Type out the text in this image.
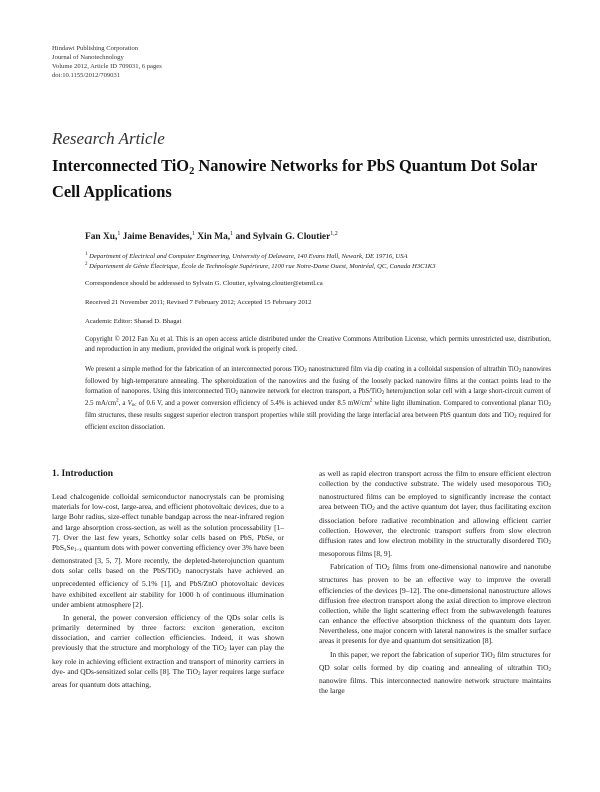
Hindawi Publishing Corporation
Journal of Nanotechnology
Volume 2012, Article ID 709031, 6 pages
doi:10.1155/2012/709031
Research Article
Interconnected TiO$_2$ Nanowire Networks for PbS Quantum Dot Solar Cell Applications
Fan Xu,$^1$ Jaime Benavides,$^1$ Xin Ma,$^1$ and Sylvain G. Cloutier$^{1,2}$
$^1$ Department of Electrical and Computer Engineering, University of Delaware, 140 Evans Hall, Newark, DE 19716, USA
$^2$ Département de Génie Électrique, École de Technologie Supérieure, 1100 rue Notre-Dame Ouest, Montréal, QC, Canada H3C1K3
Correspondence should be addressed to Sylvain G. Cloutier, sylvaing.cloutier@etsmtl.ca
Received 21 November 2011; Revised 7 February 2012; Accepted 15 February 2012
Academic Editor: Sharad D. Bhagat
Copyright © 2012 Fan Xu et al. This is an open access article distributed under the Creative Commons Attribution License, which permits unrestricted use, distribution, and reproduction in any medium, provided the original work is properly cited.
We present a simple method for the fabrication of an interconnected porous TiO2 nanostructured film via dip coating in a colloidal suspension of ultrathin TiO2 nanowires followed by high-temperature annealing. The spheroidization of the nanowires and the fusing of the loosely packed nanowire films at the contact points lead to the formation of nanopores. Using this interconnected TiO2 nanowire network for electron transport, a PbS/TiO2 heterojunction solar cell with a large short-circuit current of 2.5 $mA/cm^2$, a Voc of 0.6 V, and a power conversion efficiency of 5.4% is achieved under 8.5 $mW/cm^2$ white light illumination. Compared to conventional planar TiO2 film structures, these results suggest superior electron transport properties while still providing the large interfacial area between PbS quantum dots and TiO2 required for efficient exciton dissociation.
1. Introduction

Lead chalcogenide colloidal semiconductor nanocrystals can be promising materials for low-cost, large-area, and efficient photovoltaic devices, due to a large Bohr radius, size-effect tunable bandgap across the near-infrared region and large absorption cross-section, as well as the solution processability [1–7]. Over the last few years, Schottky solar cells based on PbS, PbSe, or PbSxSe1−x quantum dots with power converting efficiency over 3% have been demonstrated [3, 5, 7]. More recently, the depleted-heterojunction quantum dots solar cells based on the PbS/TiO2 nanocrystals have achieved an unprecedented efficiency of 5.1% [1], and PbS/ZnO photovoltaic devices have exhibited excellent air stability for 1000 h of continuous illumination under ambient atmosphere [2].

In general, the power conversion efficiency of the QDs solar cells is primarily determined by three factors: exciton generation, exciton dissociation, and carrier collection efficiencies. Indeed, it was shown previously that the structure and morphology of the TiO2 layer can play the key role in achieving efficient extraction and transport of minority carriers in dye- and QDs-sensitized solar cells [8]. The TiO2 layer requires large surface areas for quantum dots attaching,

as well as rapid electron transport across the film to ensure efficient electron collection by the conductive substrate. The widely used mesoporous TiO2 nanostructured films can be employed to significantly increase the contact area between TiO2 and the active quantum dot layer, thus facilitating exciton dissociation before radiative recombination and allowing efficient carrier collection. However, the electronic transport suffers from slow electron diffusion rates and low electron mobility in the structurally disordered TiO2 mesoporous films [8, 9].

Fabrication of TiO2 films from one-dimensional nanowire and nanotube structures has proven to be an effective way to improve the overall efficiencies of the devices [9–12]. The one-dimensional nanostructure allows diffusion free electron transport along the axial direction to improve electron collection, while the light scattering effect from the subwavelength features can enhance the effective absorption thickness of the quantum dots layer. Nevertheless, one major concern with lateral nanowires is the smaller surface areas it presents for dye and quantum dot sensitization [8].

In this paper, we report the fabrication of superior TiO2 film structures for QD solar cells formed by dip coating and annealing of ultrathin TiO2 nanowire films. This interconnected nanowire network structure maintains the large
